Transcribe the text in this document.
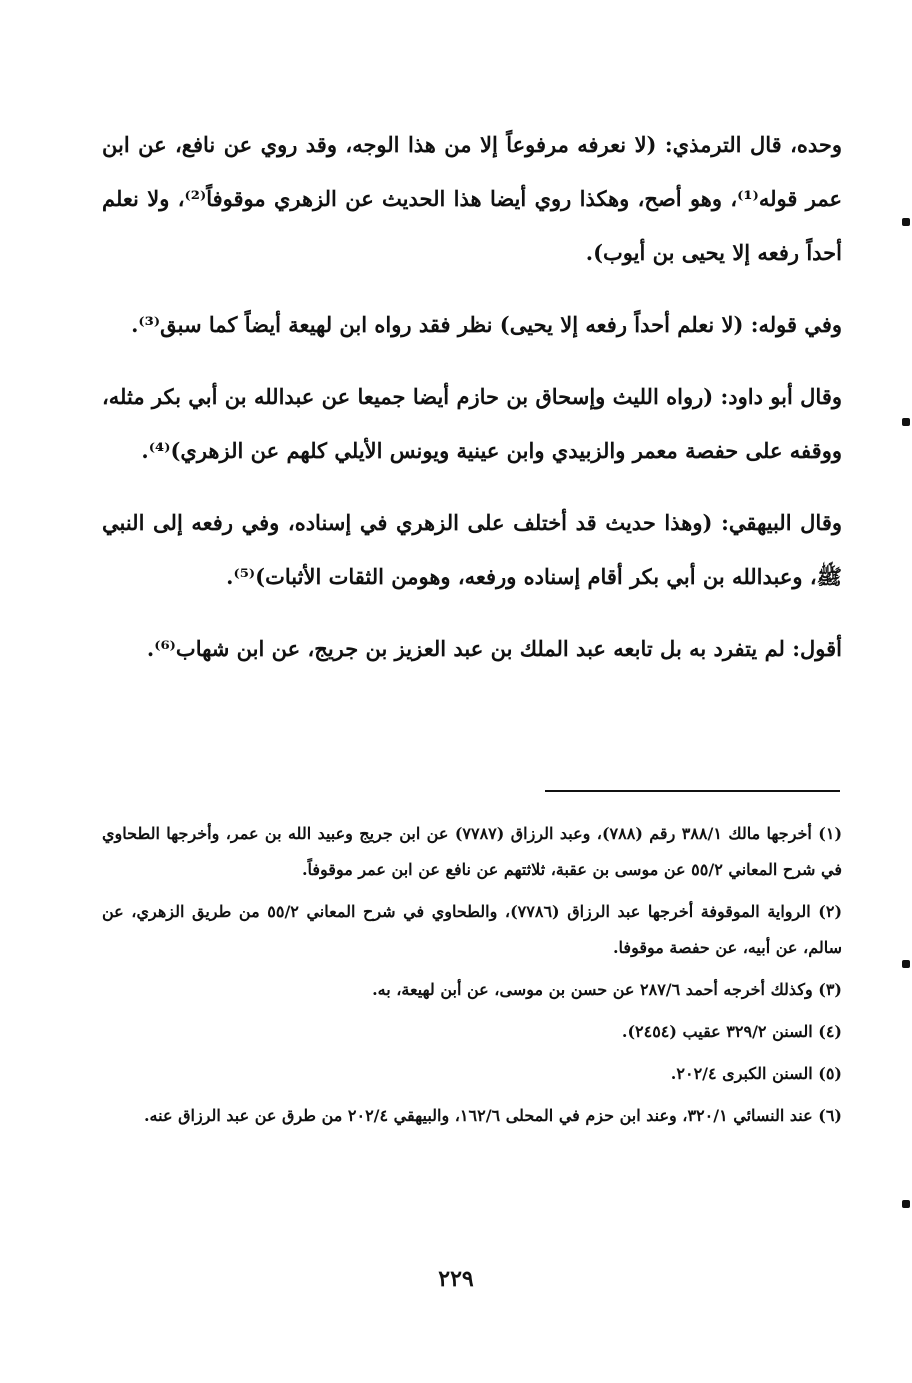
وحده، قال الترمذي: (لا نعرفه مرفوعاً إلا من هذا الوجه، وقد روي عن نافع، عن ابن عمر قوله⁽¹⁾، وهو أصح، وهكذا روي أيضا هذا الحديث عن الزهري موقوفاً⁽²⁾، ولا نعلم أحداً رفعه إلا يحيى بن أيوب).

وفي قوله: (لا نعلم أحداً رفعه إلا يحيى) نظر فقد رواه ابن لهيعة أيضاً كما سبق⁽³⁾.

وقال أبو داود: (رواه الليث وإسحاق بن حازم أيضا جميعا عن عبدالله بن أبي بكر مثله، ووقفه على حفصة معمر والزبيدي وابن عينية ويونس الأيلي كلهم عن الزهري)⁽⁴⁾.

وقال البيهقي: (وهذا حديث قد أختلف على الزهري في إسناده، وفي رفعه إلى النبي ﷺ، وعبدالله بن أبي بكر أقام إسناده ورفعه، وهومن الثقات الأثبات)⁽⁵⁾.

أقول: لم يتفرد به بل تابعه عبد الملك بن عبد العزيز بن جريج، عن ابن شهاب⁽⁶⁾.

(١) أخرجها مالك ٣٨٨/١ رقم (٧٨٨)، وعبد الرزاق (٧٧٨٧) عن ابن جريج وعبيد الله بن عمر، وأخرجها الطحاوي في شرح المعاني ٥٥/٢ عن موسى بن عقبة، ثلاثتهم عن نافع عن ابن عمر موقوفاً.
(٢) الرواية الموقوفة أخرجها عبد الرزاق (٧٧٨٦)، والطحاوي في شرح المعاني ٥٥/٢ من طريق الزهري، عن سالم، عن أبيه، عن حفصة موقوفا.
(٣) وكذلك أخرجه أحمد ٢٨٧/٦ عن حسن بن موسى، عن أبن لهيعة، به.
(٤) السنن ٣٢٩/٢ عقيب (٢٤٥٤).
(٥) السنن الكبرى ٢٠٢/٤.
(٦) عند النسائي ٣٢٠/١، وعند ابن حزم في المحلى ١٦٢/٦، والبيهقي ٢٠٢/٤ من طرق عن عبد الرزاق عنه.
٢٢٩
